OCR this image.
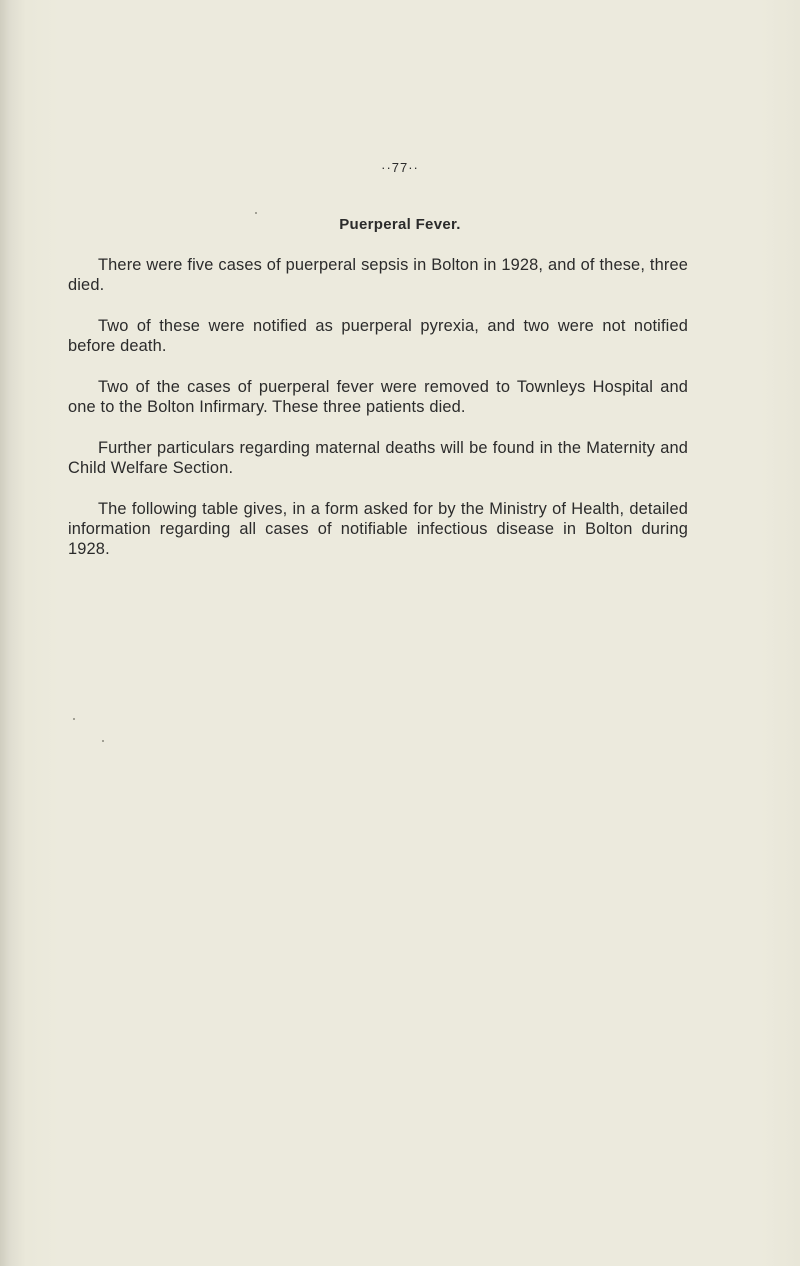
··77··
Puerperal Fever.

There were five cases of puerperal sepsis in Bolton in 1928, and of these, three died.

Two of these were notified as puerperal pyrexia, and two were not notified before death.

Two of the cases of puerperal fever were removed to Townleys Hospital and one to the Bolton Infirmary. These three patients died.

Further particulars regarding maternal deaths will be found in the Maternity and Child Welfare Section.

The following table gives, in a form asked for by the Ministry of Health, detailed information regarding all cases of notifiable infectious disease in Bolton during 1928.
